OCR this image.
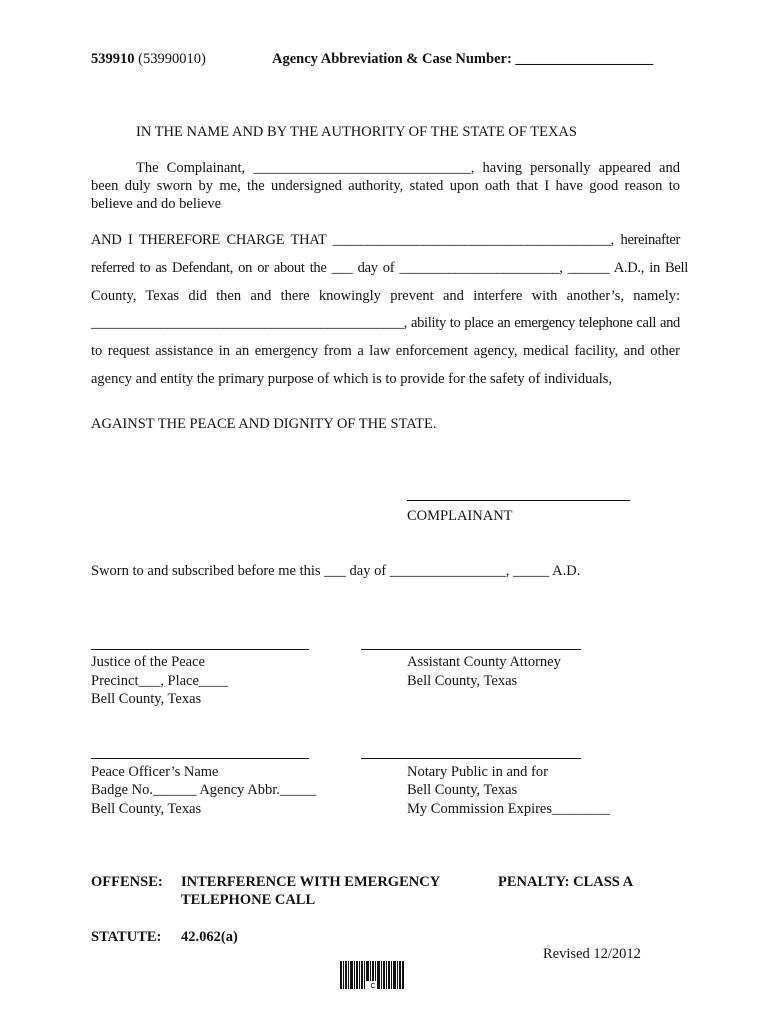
539910 (53990010)	Agency Abbreviation & Case Number: ___________________
IN THE NAME AND BY THE AUTHORITY OF THE STATE OF TEXAS
The Complainant, ______________________________, having personally appeared and
been duly sworn by me, the undersigned authority, stated upon oath that I have good reason to
believe and do believe
AND I THEREFORE CHARGE THAT ________________________________________, hereinafter
referred to as Defendant, on or about the ___ day of _______________________, ______ A.D., in Bell
County, Texas did then and there knowingly prevent and interfere with another’s, namely:
_____________________________________________, ability to place an emergency telephone call and
to request assistance in an emergency from a law enforcement agency, medical facility, and other
agency and entity the primary purpose of which is to provide for the safety of individuals,
AGAINST THE PEACE AND DIGNITY OF THE STATE.
COMPLAINANT
Sworn to and subscribed before me this ___ day of ________________, _____ A.D.
Justice of the Peace
Precinct___, Place____
Bell County, Texas
Assistant County Attorney
Bell County, Texas
Peace Officer’s Name
Badge No.______ Agency Abbr._____
Bell County, Texas
Notary Public in and for
Bell County, Texas
My Commission Expires________
OFFENSE: INTERFERENCE WITH EMERGENCY
TELEPHONE CALL
PENALTY: CLASS A
STATUTE: 42.062(a)
Revised 12/2012
C
